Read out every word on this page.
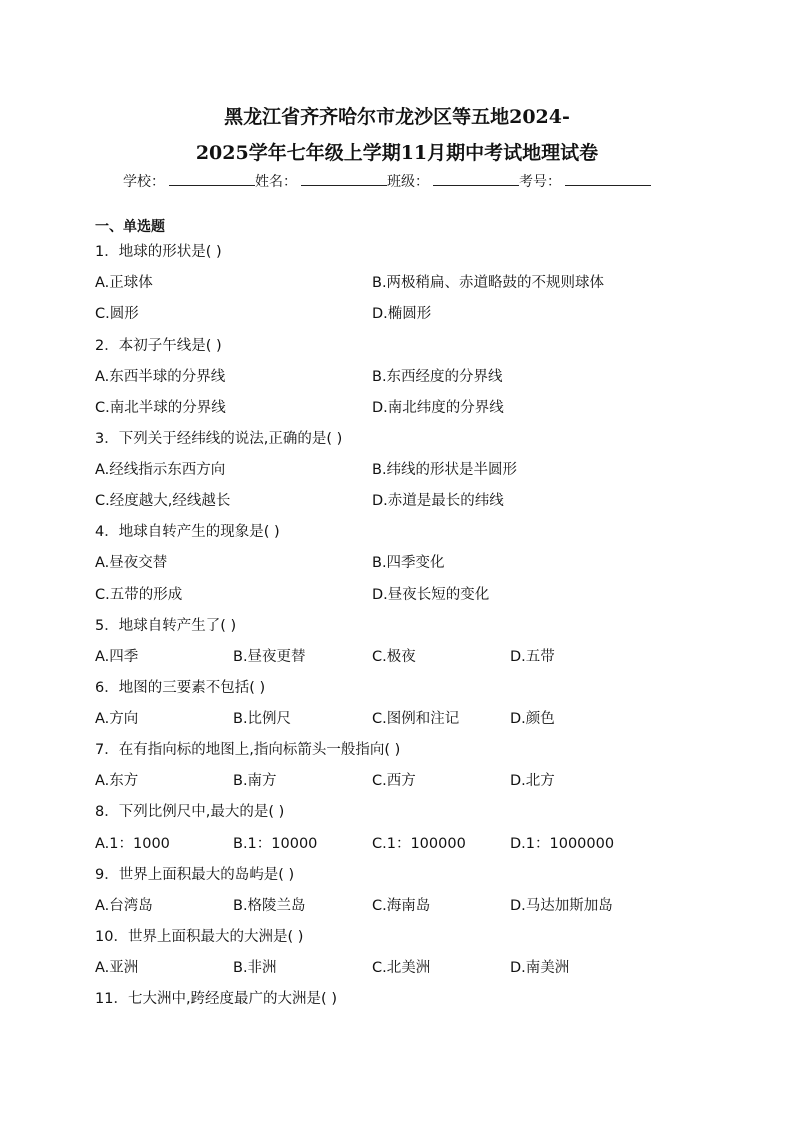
黑龙江省齐齐哈尔市龙沙区等五地2024-
2025学年七年级上学期11月期中考试地理试卷
学校：	姓名：	班级：	考号：
一、单选题
1．地球的形状是( )
A.正球体	B.两极稍扁、赤道略鼓的不规则球体
C.圆形	D.椭圆形
2．本初子午线是( )
A.东西半球的分界线	B.东西经度的分界线
C.南北半球的分界线	D.南北纬度的分界线
3．下列关于经纬线的说法,正确的是( )
A.经线指示东西方向	B.纬线的形状是半圆形
C.经度越大,经线越长	D.赤道是最长的纬线
4．地球自转产生的现象是( )
A.昼夜交替	B.四季变化
C.五带的形成	D.昼夜长短的变化
5．地球自转产生了( )
A.四季	B.昼夜更替	C.极夜	D.五带
6．地图的三要素不包括( )
A.方向	B.比例尺	C.图例和注记	D.颜色
7．在有指向标的地图上,指向标箭头一般指向( )
A.东方	B.南方	C.西方	D.北方
8．下列比例尺中,最大的是( )
A.1：1000	B.1：10000	C.1：100000	D.1：1000000
9．世界上面积最大的岛屿是( )
A.台湾岛	B.格陵兰岛	C.海南岛	D.马达加斯加岛
10．世界上面积最大的大洲是( )
A.亚洲	B.非洲	C.北美洲	D.南美洲
11．七大洲中,跨经度最广的大洲是( )
